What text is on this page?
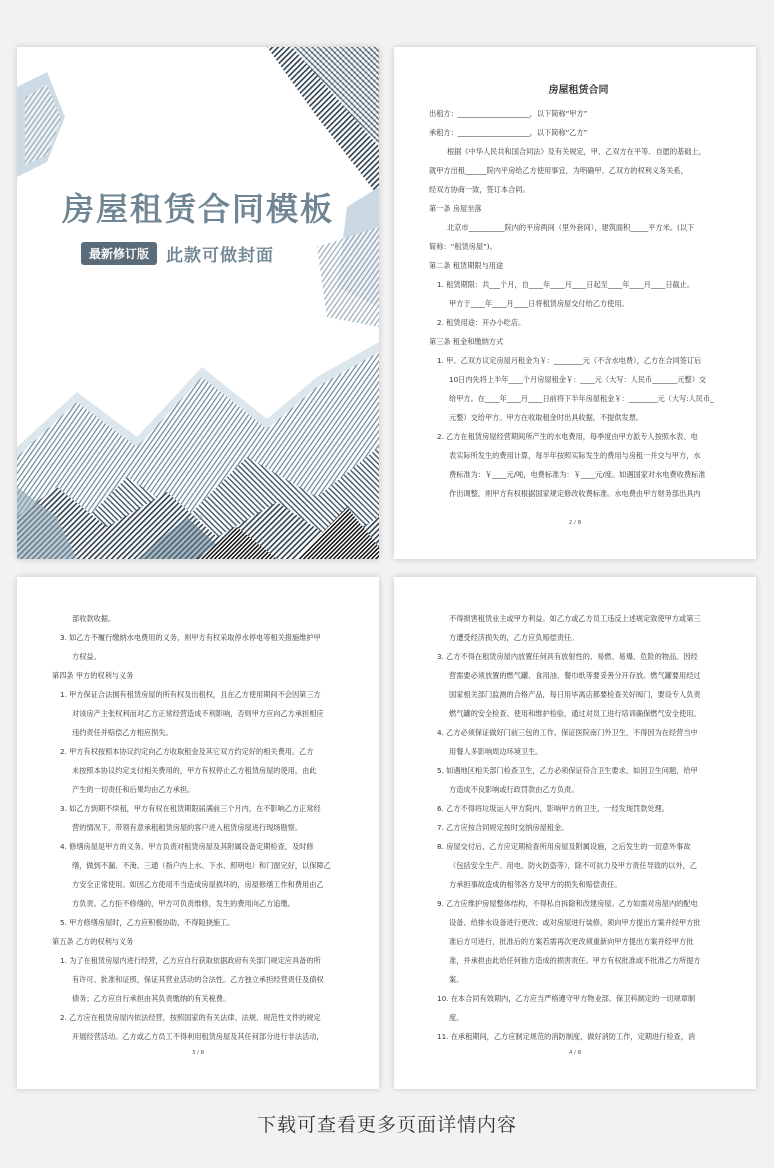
房屋租赁合同模板
最新修订版	此款可做封面
1/8
房屋租赁合同
出租方：____________________，以下简称“甲方”
承租方：____________________，以下简称“乙方”
根据《中华人民共和国合同法》及有关规定，甲、乙双方在平等、自愿的基础上，
就甲方出租______院内平房给乙方使用事宜，为明确甲、乙双方的权利义务关系，
经双方协商一致，签订本合同。
第一条 房屋坐落
北京市__________院内的平房两间（里外套间），建筑面积_____平方米。(以下
简称：“租赁房屋”)。
第二条 租赁期限与用途
1. 租赁期限：共___个月，自____年____月____日起至____年____月____日截止。
甲方于____年____月____日将租赁房屋交付给乙方使用。
2. 租赁用途：开办小吃店。
第三条 租金和缴纳方式
1. 甲、乙双方议定房屋月租金为￥：________元（不含水电费），乙方在合同签订后
10日内先将上半年____个月房屋租金￥：____元（大写：人民币_______元整）交
给甲方。在____年____月____日前将下半年房屋租金￥：________元（大写:人民币_
元整）交给甲方。甲方在收取租金时出具收据，不提供发票。
2. 乙方在租赁房屋经营期间所产生的水电费用，每季度由甲方派专人按照水表、电
表实际所发生的费用计算，每半年按照实际发生的费用与房租一并交与甲方，水
费标准为：￥____元/吨，电费标准为：￥____元/度。如遇国家对水电费收费标准
作出调整，则甲方有权根据国家规定修改收费标准。水电费由甲方财务部出具内
2 / 8
部收款收据。
3. 如乙方不履行缴纳水电费用的义务，则甲方有权采取停水停电等相关措施维护甲
方权益。
第四条 甲方的权利与义务
1. 甲方保证合法拥有租赁房屋的所有权及出租权，且在乙方使用期间不会因第三方
对该房产主张权利而对乙方正常经营造成不利影响，否则甲方应向乙方承担相应
违约责任并赔偿乙方相应损失。
2. 甲方有权按照本协议约定向乙方收取租金及其它双方约定好的相关费用。乙方
未按照本协议约定支付相关费用的，甲方有权停止乙方租赁房屋的使用，由此
产生的一切责任和后果均由乙方承担。
3. 如乙方到期不续租，甲方有权在租赁期限届满前三个月内，在不影响乙方正常经
营的情况下，带领有意承租租赁房屋的客户进入租赁房屋进行现场勘察。
4. 修缮房屋是甲方的义务。甲方负责对租赁房屋及其附属设备定期检查，及时修
缮，做到不漏、不淹、三通（指户内上水、下水、照明电）和门窗完好，以保障乙
方安全正常使用。如因乙方使用不当造成房屋损坏的，房屋修缮工作和费用由乙
方负责。乙方拒不修缮的，甲方可负责维修，发生的费用向乙方追缴。
5. 甲方修缮房屋时，乙方应积极协助，不得阻挠施工。
第五条 乙方的权利与义务
1. 为了在租赁房屋内进行经营，乙方应自行获取依据政府有关部门规定应具备的所
有许可、批准和证照，保证其营业活动的合法性。乙方独立承担经营责任及债权
债务；乙方应自行承担由其负责缴纳的有关税费。
2. 乙方应在租赁房屋内依法经营，按照国家的有关法律、法规、规范性文件的规定
开展经营活动。乙方或乙方员工不得利用租赁房屋及其任何部分进行非法活动，
3 / 8
不得损害租赁业主或甲方利益。如乙方或乙方员工违反上述规定致使甲方或第三
方遭受经济损失的，乙方应负赔偿责任。
3. 乙方不得在租赁房屋内放置任何具有放射性的、易燃、易爆、危险的物品。因经
营需要必须放置的燃气罐、食用油、餐巾纸等要妥善分开存放。燃气罐要用经过
国家相关部门监测的合格产品，每日用毕离店都要检查关好阀门，要设专人负责
燃气罐的安全检查、使用和维护检验，通过对员工进行培训确保燃气安全使用。
4. 乙方必须保证做好门前三包的工作，保证医院南门外卫生，不得因为在经营当中
用餐人多影响周边环境卫生。
5. 如遇地区相关部门检查卫生，乙方必须保证符合卫生要求，如因卫生问题，给甲
方造成不良影响或行政罚款由乙方负责。
6. 乙方不得将垃圾运入甲方院内，影响甲方的卫生，一经发现罚款处理。
7. 乙方应按合同规定按时交纳房屋租金。
8. 房屋交付后，乙方应定期检查所用房屋及附属设施，之后发生的一切意外事故
（包括安全生产、用电、防火防盗等），除不可抗力及甲方责任导致的以外，乙
方承担事故造成的相邻各方及甲方的损失和赔偿责任。
9. 乙方应维护房屋整体结构，不得私自拆除和改建房屋。乙方如需对房屋内的配电
设备、给排水设备进行更改；或对房屋进行装修，须向甲方提出方案并经甲方批
准后方可进行，批准后的方案若需再次更改须重新向甲方提出方案并经甲方批
准，并承担由此给任何他方造成的损害责任。甲方有权批准或不批准乙方所提方
案。
10. 在本合同有效期内，乙方应当严格遵守甲方物业部、保卫科制定的一切规章制
度。
11. 在承租期间，乙方应制定规范的消防制度，做好消防工作，定期进行检查，消
4 / 8
下载可查看更多页面详情内容
